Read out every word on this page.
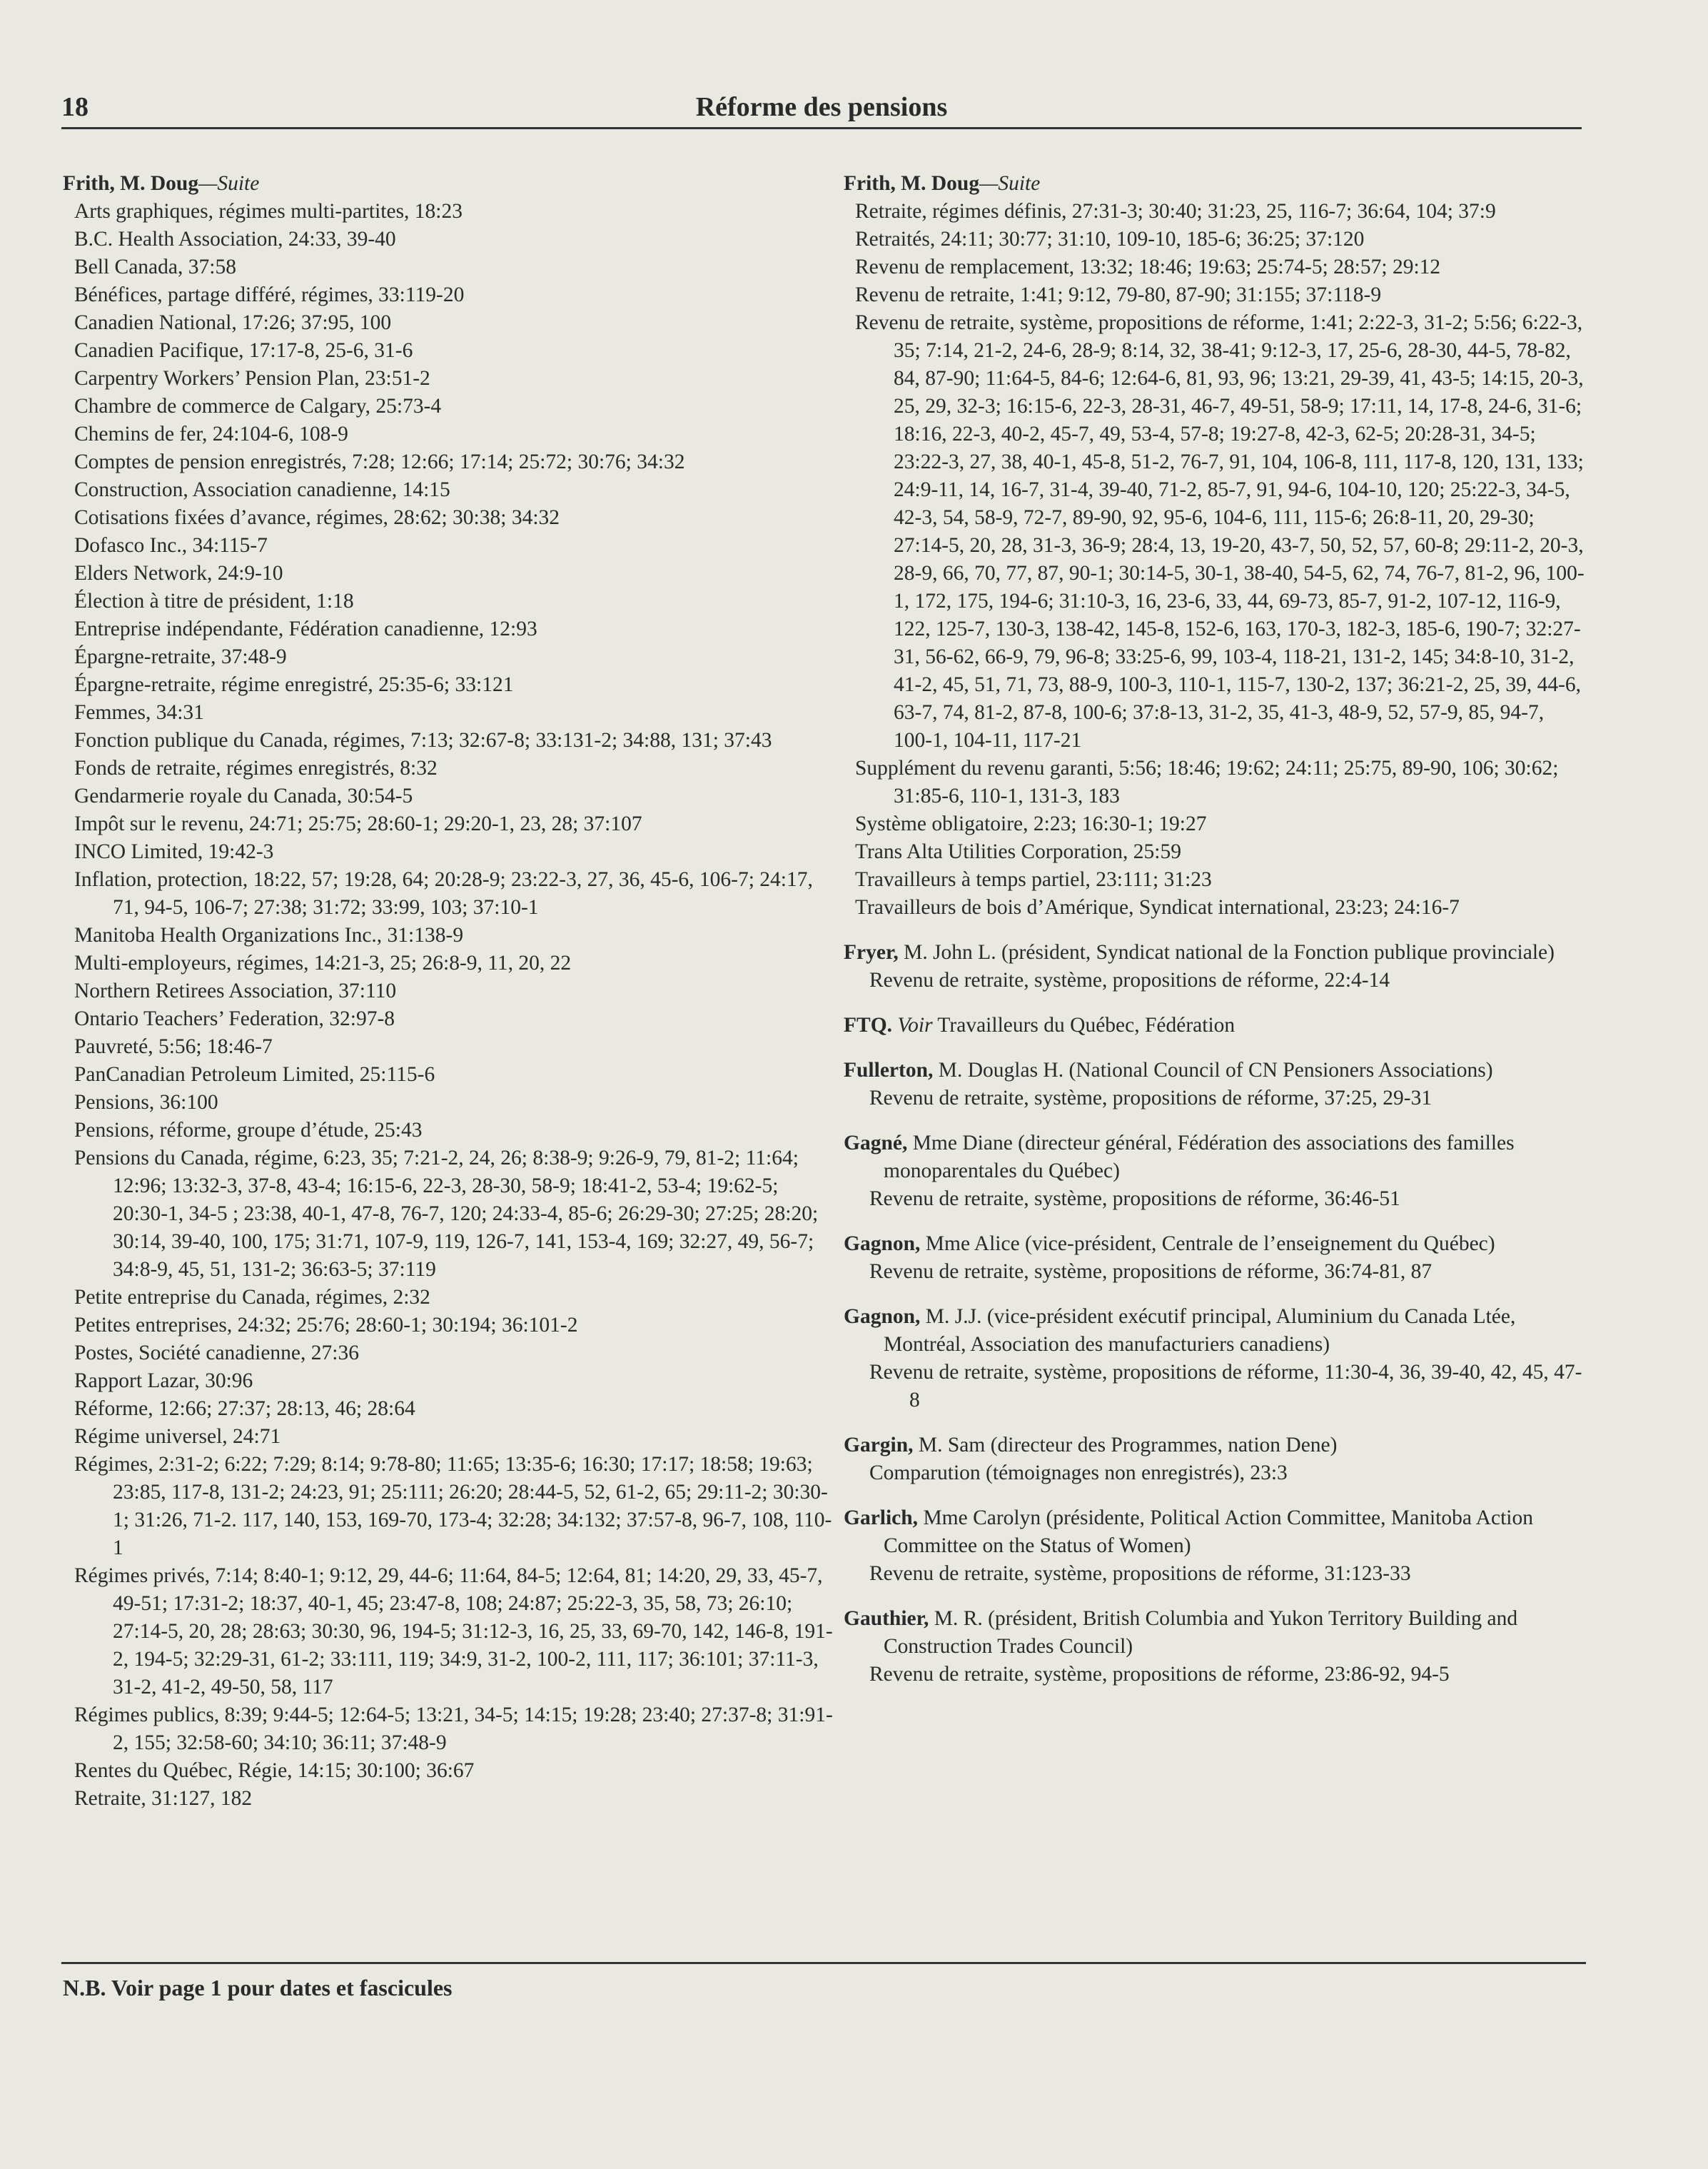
18	Réforme des pensions

Frith, M. Doug—Suite

Arts graphiques, régimes multi-partites, 18:23

B.C. Health Association, 24:33, 39-40

Bell Canada, 37:58

Bénéfices, partage différé, régimes, 33:119-20

Canadien National, 17:26; 37:95, 100

Canadien Pacifique, 17:17-8, 25-6, 31-6

Carpentry Workers’ Pension Plan, 23:51-2

Chambre de commerce de Calgary, 25:73-4

Chemins de fer, 24:104-6, 108-9

Comptes de pension enregistrés, 7:28; 12:66; 17:14; 25:72; 30:76; 34:32

Construction, Association canadienne, 14:15

Cotisations fixées d’avance, régimes, 28:62; 30:38; 34:32

Dofasco Inc., 34:115-7

Elders Network, 24:9-10

Élection à titre de président, 1:18

Entreprise indépendante, Fédération canadienne, 12:93

Épargne-retraite, 37:48-9

Épargne-retraite, régime enregistré, 25:35-6; 33:121

Femmes, 34:31

Fonction publique du Canada, régimes, 7:13; 32:67-8; 33:131-2; 34:88, 131; 37:43

Fonds de retraite, régimes enregistrés, 8:32

Gendarmerie royale du Canada, 30:54-5

Impôt sur le revenu, 24:71; 25:75; 28:60-1; 29:20-1, 23, 28; 37:107

INCO Limited, 19:42-3

Inflation, protection, 18:22, 57; 19:28, 64; 20:28-9; 23:22-3, 27, 36, 45-6, 106-7; 24:17, 71, 94-5, 106-7; 27:38; 31:72; 33:99, 103; 37:10-1

Manitoba Health Organizations Inc., 31:138-9

Multi-employeurs, régimes, 14:21-3, 25; 26:8-9, 11, 20, 22

Northern Retirees Association, 37:110

Ontario Teachers’ Federation, 32:97-8

Pauvreté, 5:56; 18:46-7

PanCanadian Petroleum Limited, 25:115-6

Pensions, 36:100

Pensions, réforme, groupe d’étude, 25:43

Pensions du Canada, régime, 6:23, 35; 7:21-2, 24, 26; 8:38-9; 9:26-9, 79, 81-2; 11:64; 12:96; 13:32-3, 37-8, 43-4; 16:15-6, 22-3, 28-30, 58-9; 18:41-2, 53-4; 19:62-5; 20:30-1, 34-5 ; 23:38, 40-1, 47-8, 76-7, 120; 24:33-4, 85-6; 26:29-30; 27:25; 28:20; 30:14, 39-40, 100, 175; 31:71, 107-9, 119, 126-7, 141, 153-4, 169; 32:27, 49, 56-7; 34:8-9, 45, 51, 131-2; 36:63-5; 37:119

Petite entreprise du Canada, régimes, 2:32

Petites entreprises, 24:32; 25:76; 28:60-1; 30:194; 36:101-2

Postes, Société canadienne, 27:36

Rapport Lazar, 30:96

Réforme, 12:66; 27:37; 28:13, 46; 28:64

Régime universel, 24:71

Régimes, 2:31-2; 6:22; 7:29; 8:14; 9:78-80; 11:65; 13:35-6; 16:30; 17:17; 18:58; 19:63; 23:85, 117-8, 131-2; 24:23, 91; 25:111; 26:20; 28:44-5, 52, 61-2, 65; 29:11-2; 30:30-1; 31:26, 71-2. 117, 140, 153, 169-70, 173-4; 32:28; 34:132; 37:57-8, 96-7, 108, 110-1

Régimes privés, 7:14; 8:40-1; 9:12, 29, 44-6; 11:64, 84-5; 12:64, 81; 14:20, 29, 33, 45-7, 49-51; 17:31-2; 18:37, 40-1, 45; 23:47-8, 108; 24:87; 25:22-3, 35, 58, 73; 26:10; 27:14-5, 20, 28; 28:63; 30:30, 96, 194-5; 31:12-3, 16, 25, 33, 69-70, 142, 146-8, 191-2, 194-5; 32:29-31, 61-2; 33:111, 119; 34:9, 31-2, 100-2, 111, 117; 36:101; 37:11-3, 31-2, 41-2, 49-50, 58, 117

Régimes publics, 8:39; 9:44-5; 12:64-5; 13:21, 34-5; 14:15; 19:28; 23:40; 27:37-8; 31:91-2, 155; 32:58-60; 34:10; 36:11; 37:48-9

Rentes du Québec, Régie, 14:15; 30:100; 36:67

Retraite, 31:127, 182

Frith, M. Doug—Suite

Retraite, régimes définis, 27:31-3; 30:40; 31:23, 25, 116-7; 36:64, 104; 37:9

Retraités, 24:11; 30:77; 31:10, 109-10, 185-6; 36:25; 37:120

Revenu de remplacement, 13:32; 18:46; 19:63; 25:74-5; 28:57; 29:12

Revenu de retraite, 1:41; 9:12, 79-80, 87-90; 31:155; 37:118-9

Revenu de retraite, système, propositions de réforme, 1:41; 2:22-3, 31-2; 5:56; 6:22-3, 35; 7:14, 21-2, 24-6, 28-9; 8:14, 32, 38-41; 9:12-3, 17, 25-6, 28-30, 44-5, 78-82, 84, 87-90; 11:64-5, 84-6; 12:64-6, 81, 93, 96; 13:21, 29-39, 41, 43-5; 14:15, 20-3, 25, 29, 32-3; 16:15-6, 22-3, 28-31, 46-7, 49-51, 58-9; 17:11, 14, 17-8, 24-6, 31-6; 18:16, 22-3, 40-2, 45-7, 49, 53-4, 57-8; 19:27-8, 42-3, 62-5; 20:28-31, 34-5; 23:22-3, 27, 38, 40-1, 45-8, 51-2, 76-7, 91, 104, 106-8, 111, 117-8, 120, 131, 133; 24:9-11, 14, 16-7, 31-4, 39-40, 71-2, 85-7, 91, 94-6, 104-10, 120; 25:22-3, 34-5, 42-3, 54, 58-9, 72-7, 89-90, 92, 95-6, 104-6, 111, 115-6; 26:8-11, 20, 29-30; 27:14-5, 20, 28, 31-3, 36-9; 28:4, 13, 19-20, 43-7, 50, 52, 57, 60-8; 29:11-2, 20-3, 28-9, 66, 70, 77, 87, 90-1; 30:14-5, 30-1, 38-40, 54-5, 62, 74, 76-7, 81-2, 96, 100-1, 172, 175, 194-6; 31:10-3, 16, 23-6, 33, 44, 69-73, 85-7, 91-2, 107-12, 116-9, 122, 125-7, 130-3, 138-42, 145-8, 152-6, 163, 170-3, 182-3, 185-6, 190-7; 32:27-31, 56-62, 66-9, 79, 96-8; 33:25-6, 99, 103-4, 118-21, 131-2, 145; 34:8-10, 31-2, 41-2, 45, 51, 71, 73, 88-9, 100-3, 110-1, 115-7, 130-2, 137; 36:21-2, 25, 39, 44-6, 63-7, 74, 81-2, 87-8, 100-6; 37:8-13, 31-2, 35, 41-3, 48-9, 52, 57-9, 85, 94-7, 100-1, 104-11, 117-21

Supplément du revenu garanti, 5:56; 18:46; 19:62; 24:11; 25:75, 89-90, 106; 30:62; 31:85-6, 110-1, 131-3, 183

Système obligatoire, 2:23; 16:30-1; 19:27

Trans Alta Utilities Corporation, 25:59

Travailleurs à temps partiel, 23:111; 31:23

Travailleurs de bois d’Amérique, Syndicat international, 23:23; 24:16-7

Fryer, M. John L. (président, Syndicat national de la Fonction publique provinciale)

Revenu de retraite, système, propositions de réforme, 22:4-14

FTQ. Voir Travailleurs du Québec, Fédération

Fullerton, M. Douglas H. (National Council of CN Pensioners Associations)

Revenu de retraite, système, propositions de réforme, 37:25, 29-31

Gagné, Mme Diane (directeur général, Fédération des associations des familles monoparentales du Québec)

Revenu de retraite, système, propositions de réforme, 36:46-51

Gagnon, Mme Alice (vice-président, Centrale de l’enseignement du Québec)

Revenu de retraite, système, propositions de réforme, 36:74-81, 87

Gagnon, M. J.J. (vice-président exécutif principal, Aluminium du Canada Ltée, Montréal, Association des manufacturiers canadiens)

Revenu de retraite, système, propositions de réforme, 11:30-4, 36, 39-40, 42, 45, 47-8

Gargin, M. Sam (directeur des Programmes, nation Dene)

Comparution (témoignages non enregistrés), 23:3

Garlich, Mme Carolyn (présidente, Political Action Committee, Manitoba Action Committee on the Status of Women)

Revenu de retraite, système, propositions de réforme, 31:123-33

Gauthier, M. R. (président, British Columbia and Yukon Territory Building and Construction Trades Council)

Revenu de retraite, système, propositions de réforme, 23:86-92, 94-5

N.B. Voir page 1 pour dates et fascicules
